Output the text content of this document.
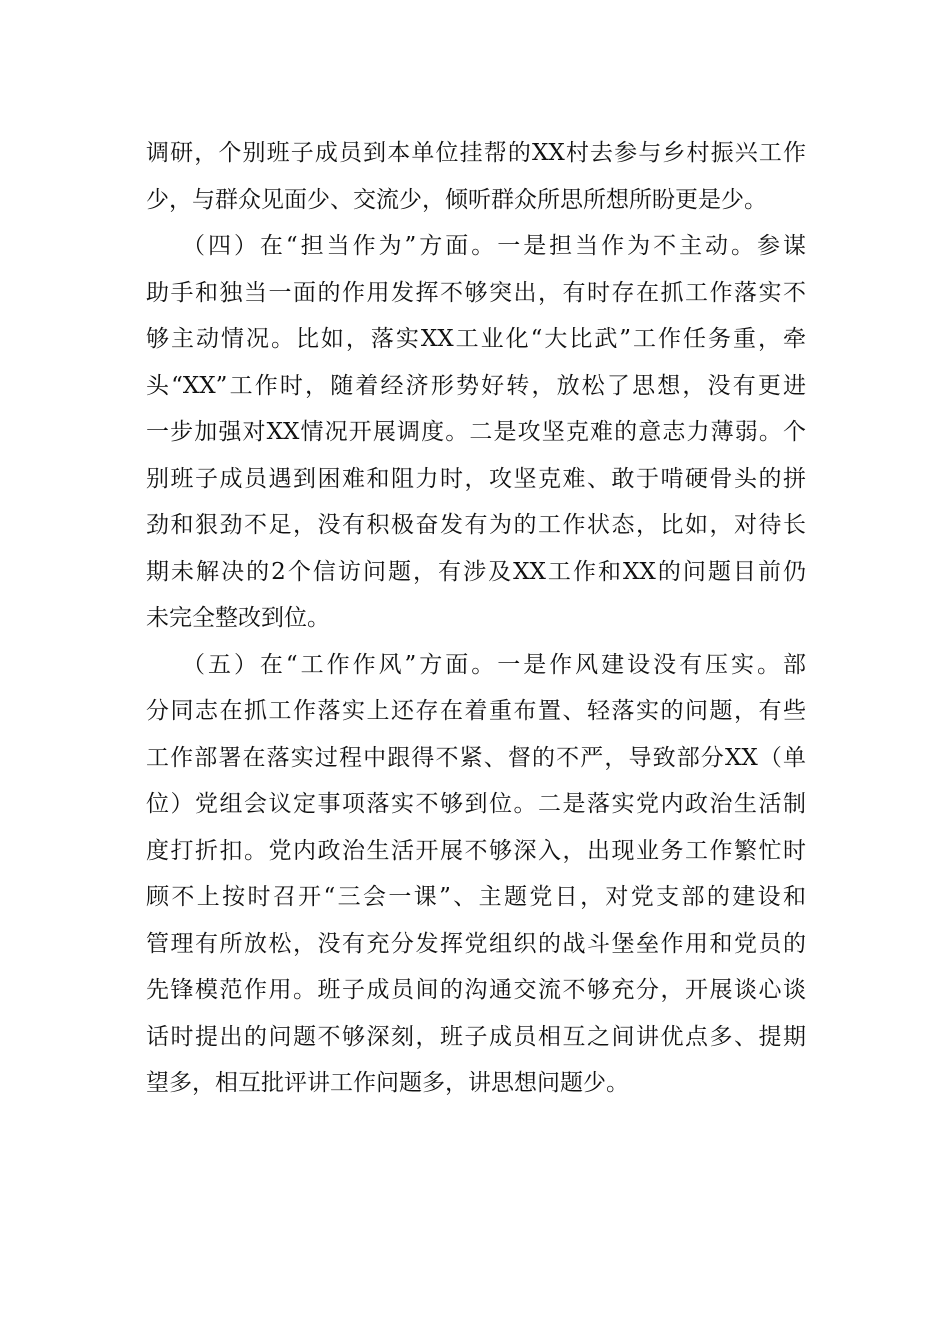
调研，个别班子成员到本单位挂帮的XX村去参与乡村振兴工作
少，与群众见面少、交流少，倾听群众所思所想所盼更是少。
（四）在“担当作为”方面。一是担当作为不主动。参谋
助手和独当一面的作用发挥不够突出，有时存在抓工作落实不
够主动情况。比如，落实XX工业化“大比武”工作任务重，牵
头“XX”工作时，随着经济形势好转，放松了思想，没有更进
一步加强对XX情况开展调度。二是攻坚克难的意志力薄弱。个
别班子成员遇到困难和阻力时，攻坚克难、敢于啃硬骨头的拼
劲和狠劲不足，没有积极奋发有为的工作状态，比如，对待长
期未解决的2个信访问题，有涉及XX工作和XX的问题目前仍
未完全整改到位。
（五）在“工作作风”方面。一是作风建设没有压实。部
分同志在抓工作落实上还存在着重布置、轻落实的问题，有些
工作部署在落实过程中跟得不紧、督的不严，导致部分XX（单
位）党组会议定事项落实不够到位。二是落实党内政治生活制
度打折扣。党内政治生活开展不够深入，出现业务工作繁忙时
顾不上按时召开“三会一课”、主题党日，对党支部的建设和
管理有所放松，没有充分发挥党组织的战斗堡垒作用和党员的
先锋模范作用。班子成员间的沟通交流不够充分，开展谈心谈
话时提出的问题不够深刻，班子成员相互之间讲优点多、提期
望多，相互批评讲工作问题多，讲思想问题少。
